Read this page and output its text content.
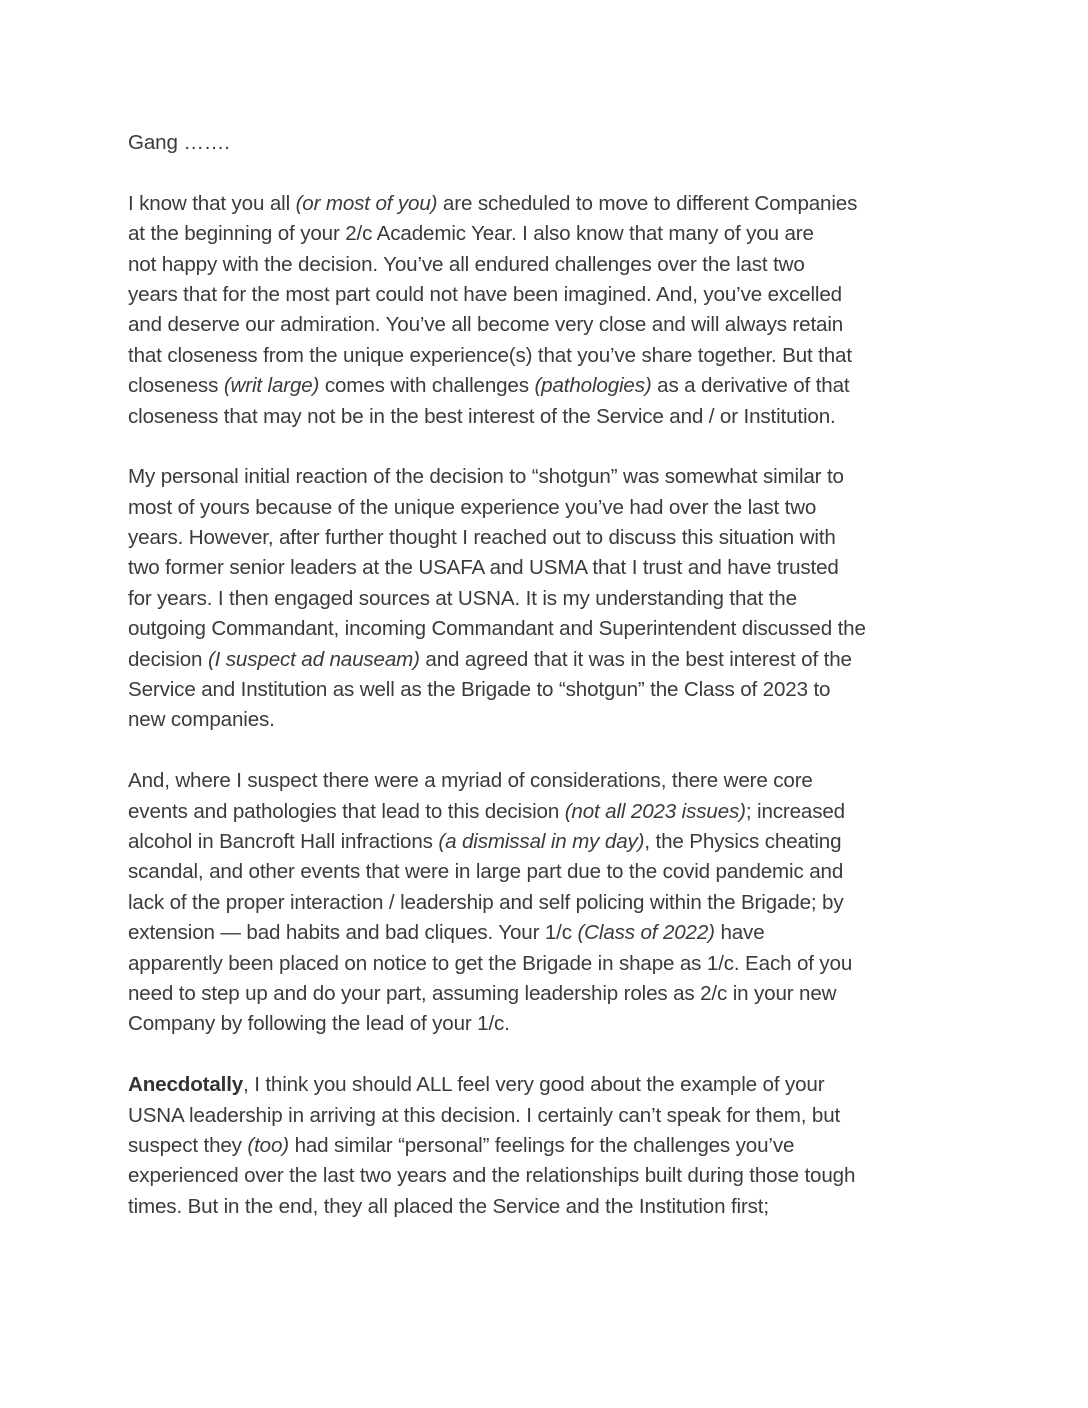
Gang …….

I know that you all (or most of you) are scheduled to move to different Companies
at the beginning of your 2/c Academic Year. I also know that many of you are
not happy with the decision. You’ve all endured challenges over the last two
years that for the most part could not have been imagined. And, you’ve excelled
and deserve our admiration. You’ve all become very close and will always retain
that closeness from the unique experience(s) that you’ve share together. But that
closeness (writ large) comes with challenges (pathologies) as a derivative of that
closeness that may not be in the best interest of the Service and / or Institution.

My personal initial reaction of the decision to “shotgun” was somewhat similar to
most of yours because of the unique experience you’ve had over the last two
years. However, after further thought I reached out to discuss this situation with
two former senior leaders at the USAFA and USMA that I trust and have trusted
for years. I then engaged sources at USNA. It is my understanding that the
outgoing Commandant, incoming Commandant and Superintendent discussed the
decision (I suspect ad nauseam) and agreed that it was in the best interest of the
Service and Institution as well as the Brigade to “shotgun” the Class of 2023 to
new companies.

And, where I suspect there were a myriad of considerations, there were core
events and pathologies that lead to this decision (not all 2023 issues); increased
alcohol in Bancroft Hall infractions (a dismissal in my day), the Physics cheating
scandal, and other events that were in large part due to the covid pandemic and
lack of the proper interaction / leadership and self policing within the Brigade; by
extension — bad habits and bad cliques. Your 1/c (Class of 2022) have
apparently been placed on notice to get the Brigade in shape as 1/c. Each of you
need to step up and do your part, assuming leadership roles as 2/c in your new
Company by following the lead of your 1/c.

Anecdotally, I think you should ALL feel very good about the example of your
USNA leadership in arriving at this decision. I certainly can’t speak for them, but
suspect they (too) had similar “personal” feelings for the challenges you’ve
experienced over the last two years and the relationships built during those tough
times. But in the end, they all placed the Service and the Institution first;
